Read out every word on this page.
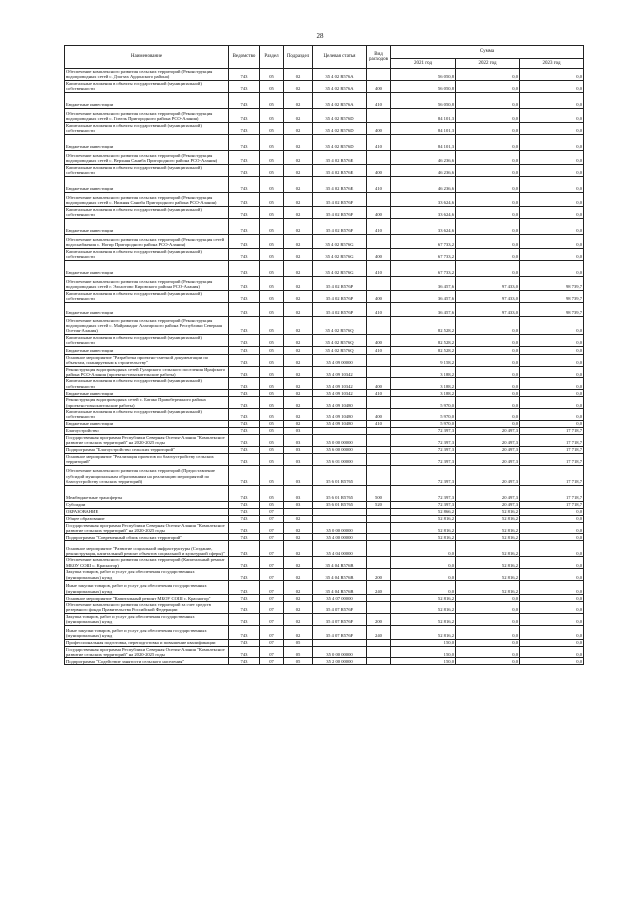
28
Наименование	Ведомство	Раздел	Подраздел	Целевая статья	Вид расходов	Сумма		
						2021 год	2022 год	2023 год
Обеспечение комплексного развития сельских территорий (Реконструкция водопроводных сетей с. Дзагзах Ардонского района)	743	05	02	35 4 02 R576A		56 050,8	0,0	0,0
Капитальные вложения в объекты государственной (муниципальной) собственности	743	05	02	35 4 02 R576A	400	56 050,8	0,0	0,0
Бюджетные инвестиции	743	05	02	35 4 02 R576A	410	56 050,8	0,0	0,0
Обеспечение комплексного развития сельских территорий (Реконструкция водопроводных сетей с. Гизель Пригородного района РСО-Алания)	743	05	02	35 4 02 R576D		84 101,3	0,0	0,0
Капитальные вложения в объекты государственной (муниципальной) собственности	743	05	02	35 4 02 R576D	400	84 101,3	0,0	0,0
Бюджетные инвестиции	743	05	02	35 4 02 R576D	410	84 101,3	0,0	0,0
Обеспечение комплексного развития сельских территорий (Реконструкция водопроводных сетей с. Верхняя Саниба Пригородного района РСО-Алания)	743	05	02	35 4 02 R576E		46 236,6	0,0	0,0
Капитальные вложения в объекты государственной (муниципальной) собственности	743	05	02	35 4 02 R576E	400	46 236,6	0,0	0,0
Бюджетные инвестиции	743	05	02	35 4 02 R576E	410	46 236,6	0,0	0,0
Обеспечение комплексного развития сельских территорий (Реконструкция водопроводных сетей с. Нижняя Саниба Пригородного района РСО-Алания)	743	05	02	35 4 02 R576F		33 624,6	0,0	0,0
Капитальные вложения в объекты государственной (муниципальной) собственности	743	05	02	35 4 02 R576F	400	33 624,6	0,0	0,0
Бюджетные инвестиции	743	05	02	35 4 02 R576F	410	33 624,6	0,0	0,0
Обеспечение комплексного развития сельских территорий (Реконструкция сетей водоснабжения с. Ногир Пригородного района РСО-Алания)	743	05	02	35 4 02 R576G		67 733,2	0,0	0,0
Капитальные вложения в объекты государственной (муниципальной) собственности	743	05	02	35 4 02 R576G	400	67 733,2	0,0	0,0
Бюджетные инвестиции	743	05	02	35 4 02 R576G	410	67 733,2	0,0	0,0
Обеспечение комплексного развития сельских территорий (Реконструкция водопроводных сетей г. Эльхотово Кировского района РСО-Алания)	743	05	02	35 4 02 R576P		36 457,6	97 433,0	98 739,7
Капитальные вложения в объекты государственной (муниципальной) собственности	743	05	02	35 4 02 R576P	400	36 457,6	97 433,0	98 739,7
Бюджетные инвестиции	743	05	02	35 4 02 R576P	410	36 457,6	97 433,0	98 739,7
Обеспечение комплексного развития сельских территорий (Реконструкция водопроводных сетей с. Майрамадаг Алагирского района Республики Северная Осетия-Алания)	743	05	02	35 4 02 R576Q		82 528,2	0,0	0,0
Капитальные вложения в объекты государственной (муниципальной) собственности	743	05	02	35 4 02 R576Q	400	82 528,2	0,0	0,0
Бюджетные инвестиции	743	05	02	35 4 02 R576Q	410	82 528,2	0,0	0,0
Основное мероприятие "Разработка проектно-сметной документации по объектам, планируемым к строительству"	743	05	02	35 4 09 00000		9 158,2	0,0	0,0
Реконструкция водопроводных сетей Гуларского сельского поселения Ирафского района РСО-Алания (проектно-изыскательские работы)	743	05	02	35 4 09 10342		3 188,2	0,0	0,0
Капитальные вложения в объекты государственной (муниципальной) собственности	743	05	02	35 4 09 10342	400	3 188,2	0,0	0,0
Бюджетные инвестиции	743	05	02	35 4 09 10342	410	3 188,2	0,0	0,0
Реконструкция водопроводных сетей с. Батако Правобережного района (проектно-изыскательские работы)	743	05	02	35 4 09 10480		5 970,0	0,0	0,0
Капитальные вложения в объекты государственной (муниципальной) собственности	743	05	02	35 4 09 10480	400	5 970,0	0,0	0,0
Бюджетные инвестиции	743	05	02	35 4 09 10480	410	5 970,0	0,0	0,0
Благоустройство	743	05	03			72 397,3	20 497,3	17 718,7
Государственная программа Республики Северная Осетия-Алания "Комплексное развитие сельских территорий" на 2020-2025 годы	743	05	03	35 0 00 00000		72 397,3	20 497,3	17 718,7
Подпрограмма "Благоустройство сельских территорий"	743	05	03	35 6 00 00000		72 397,3	20 497,3	17 718,7
Основное мероприятие "Реализация проектов по благоустройству сельских территорий"	743	05	03	35 6 01 00000		72 397,3	20 497,3	17 718,7
Обеспечение комплексного развития сельских территорий (Предоставление субсидий муниципальным образованиям на реализацию мероприятий по благоустройству сельских территорий)	743	05	03	35 6 01 R5765		72 397,3	20 497,3	17 718,7
Межбюджетные трансферты	743	05	03	35 6 01 R5765	500	72 397,3	20 497,3	17 718,7
Субсидии	743	05	03	35 6 01 R5765	520	72 397,3	20 497,3	17 718,7
ОБРАЗОВАНИЕ	743	07				52 866,2	52 816,2	0,0
Общее образование	743	07	02			52 816,2	52 816,2	0,0
Государственная программа Республики Северная Осетия-Алания "Комплексное развитие сельских территорий" на 2020-2025 годы	743	07	02	35 0 00 00000		52 816,2	52 816,2	0,0
Подпрограмма "Современный облик сельских территорий"	743	07	02	35 4 00 00000		52 816,2	52 816,2	0,0
Основное мероприятие "Развитие социальной инфраструктуры (Создание, реконструкция, капитальный ремонт объектов социальной и культурной сферы)"	743	07	02	35 4 04 00000		0,0	52 816,2	0,0
Обеспечение комплексного развития сельских территорий (Капитальный ремонт МБОУ СОШ с. Красногор)	743	07	02	35 4 04 R576B		0,0	52 816,2	0,0
Закупка товаров, работ и услуг для обеспечения государственных (муниципальных) нужд	743	07	02	35 4 04 R576B	200	0,0	52 816,2	0,0
Иные закупки товаров, работ и услуг для обеспечения государственных (муниципальных) нужд	743	07	02	35 4 04 R576B	240	0,0	52 816,2	0,0
Основное мероприятие "Капитальный ремонт МБОУ СОШ с. Красногор"	743	07	02	35 4 07 00000		52 816,2	0,0	0,0
Обеспечение комплексного развития сельских территорий за счет средств резервного фонда Правительства Российской Федерации	743	07	02	35 4 07 R576F		52 816,2	0,0	0,0
Закупка товаров, работ и услуг для обеспечения государственных (муниципальных) нужд	743	07	02	35 4 07 R576F	200	52 816,2	0,0	0,0
Иные закупки товаров, работ и услуг для обеспечения государственных (муниципальных) нужд	743	07	02	35 4 07 R576F	240	52 816,2	0,0	0,0
Профессиональная подготовка, переподготовка и повышение квалификации	743	07	05			150,0	0,0	0,0
Государственная программа Республики Северная Осетия-Алания "Комплексное развитие сельских территорий" на 2020-2025 годы	743	07	05	35 0 00 00000		150,0	0,0	0,0
Подпрограмма "Содействие занятости сельского населения"	743	07	05	35 2 00 00000		150,0	0,0	0,0
